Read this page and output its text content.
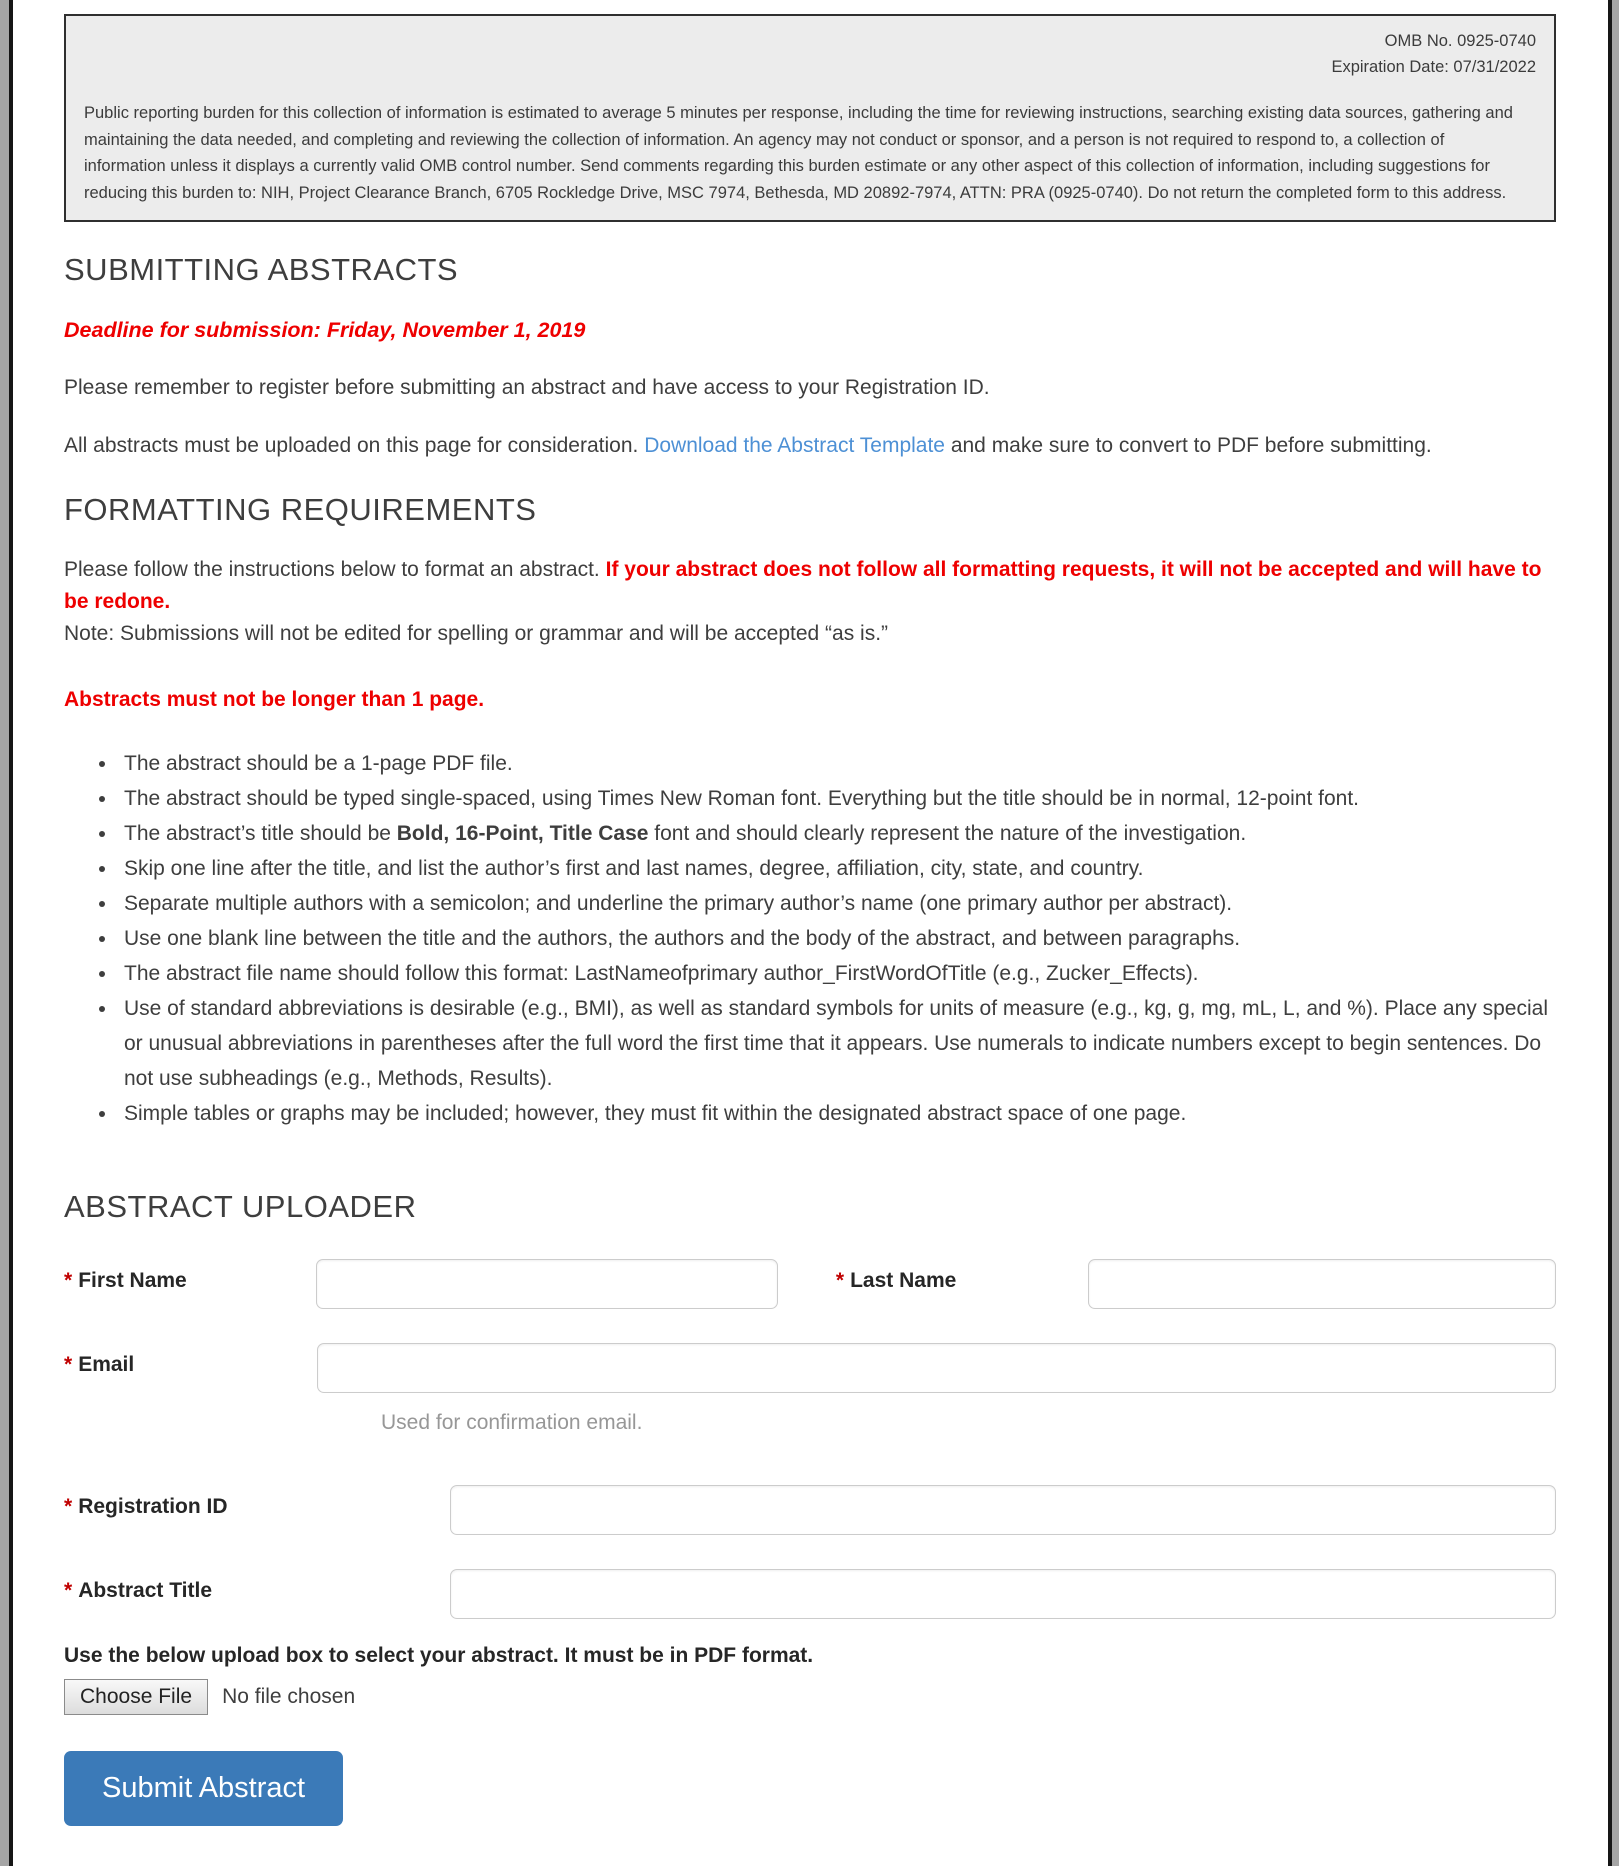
OMB No. 0925-0740
Expiration Date: 07/31/2022
Public reporting burden for this collection of information is estimated to average 5 minutes per response, including the time for reviewing instructions, searching existing data sources, gathering and maintaining the data needed, and completing and reviewing the collection of information. An agency may not conduct or sponsor, and a person is not required to respond to, a collection of information unless it displays a currently valid OMB control number. Send comments regarding this burden estimate or any other aspect of this collection of information, including suggestions for reducing this burden to: NIH, Project Clearance Branch, 6705 Rockledge Drive, MSC 7974, Bethesda, MD 20892-7974, ATTN: PRA (0925-0740). Do not return the completed form to this address.
SUBMITTING ABSTRACTS

Deadline for submission: Friday, November 1, 2019

Please remember to register before submitting an abstract and have access to your Registration ID.

All abstracts must be uploaded on this page for consideration. Download the Abstract Template and make sure to convert to PDF before submitting.

FORMATTING REQUIREMENTS

Please follow the instructions below to format an abstract. If your abstract does not follow all formatting requests, it will not be accepted and will have to be redone.
Note: Submissions will not be edited for spelling or grammar and will be accepted “as is.”

Abstracts must not be longer than 1 page.

• The abstract should be a 1-page PDF file.
• The abstract should be typed single-spaced, using Times New Roman font. Everything but the title should be in normal, 12-point font.
• The abstract’s title should be Bold, 16-Point, Title Case font and should clearly represent the nature of the investigation.
• Skip one line after the title, and list the author’s first and last names, degree, affiliation, city, state, and country.
• Separate multiple authors with a semicolon; and underline the primary author’s name (one primary author per abstract).
• Use one blank line between the title and the authors, the authors and the body of the abstract, and between paragraphs.
• The abstract file name should follow this format: LastNameofprimary author_FirstWordOfTitle (e.g., Zucker_Effects).
• Use of standard abbreviations is desirable (e.g., BMI), as well as standard symbols for units of measure (e.g., kg, g, mg, mL, L, and %). Place any special or unusual abbreviations in parentheses after the full word the first time that it appears. Use numerals to indicate numbers except to begin sentences. Do not use subheadings (e.g., Methods, Results).
• Simple tables or graphs may be included; however, they must fit within the designated abstract space of one page.
ABSTRACT UPLOADER
* First Name	* Last Name
* Email
Used for confirmation email.
* Registration ID
* Abstract Title
Use the below upload box to select your abstract. It must be in PDF format.
Choose File	No file chosen
Submit Abstract
